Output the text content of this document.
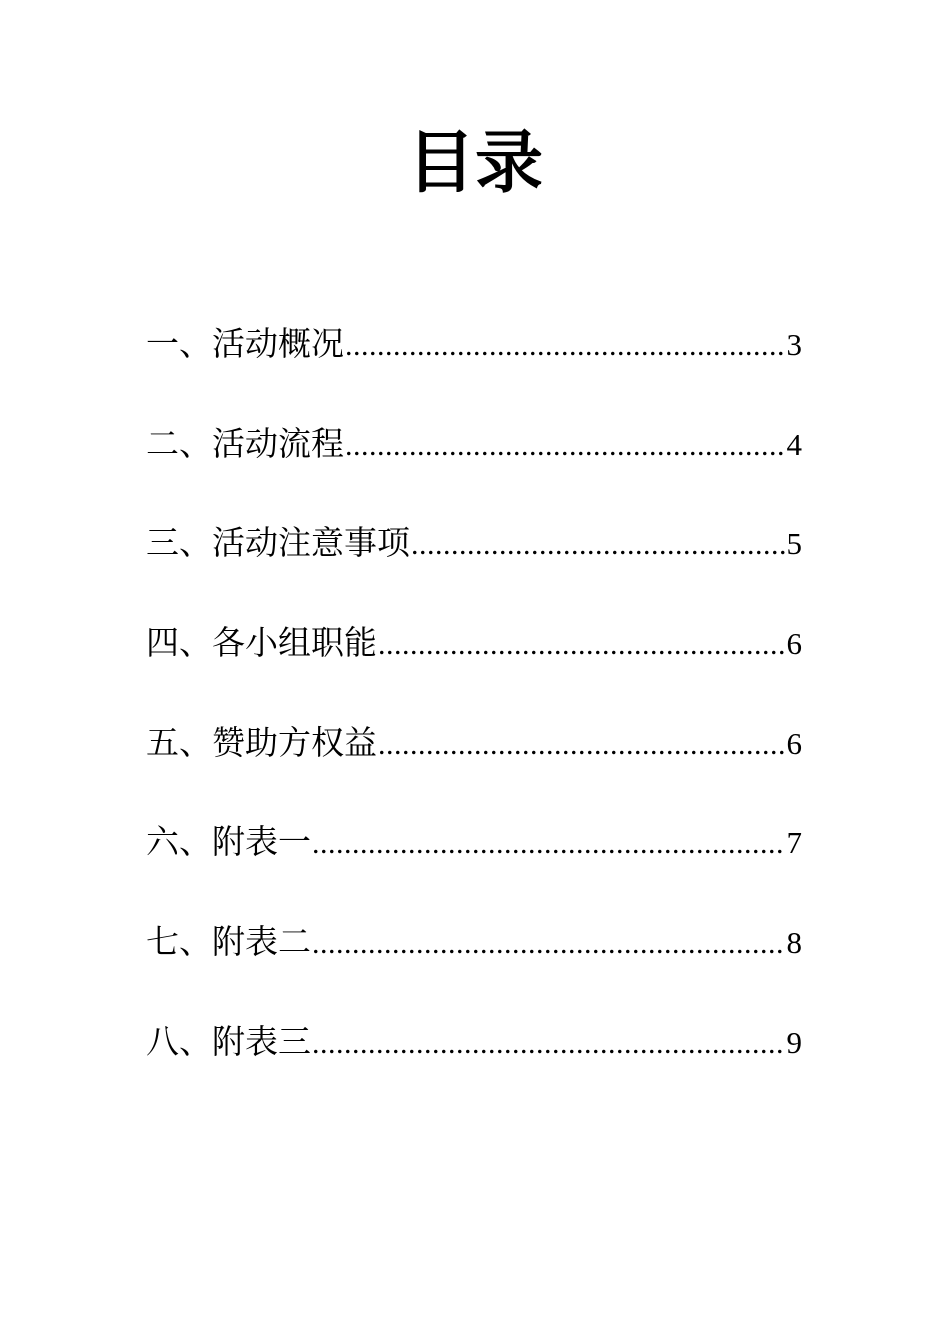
目录
一、活动概况 .....	3
二、活动流程 .....	4
三、活动注意事项 .....	5
四、各小组职能 .....	6
五、赞助方权益 .....	6
六、附表一 .....	7
七、附表二 .....	8
八、附表三 .....	9
